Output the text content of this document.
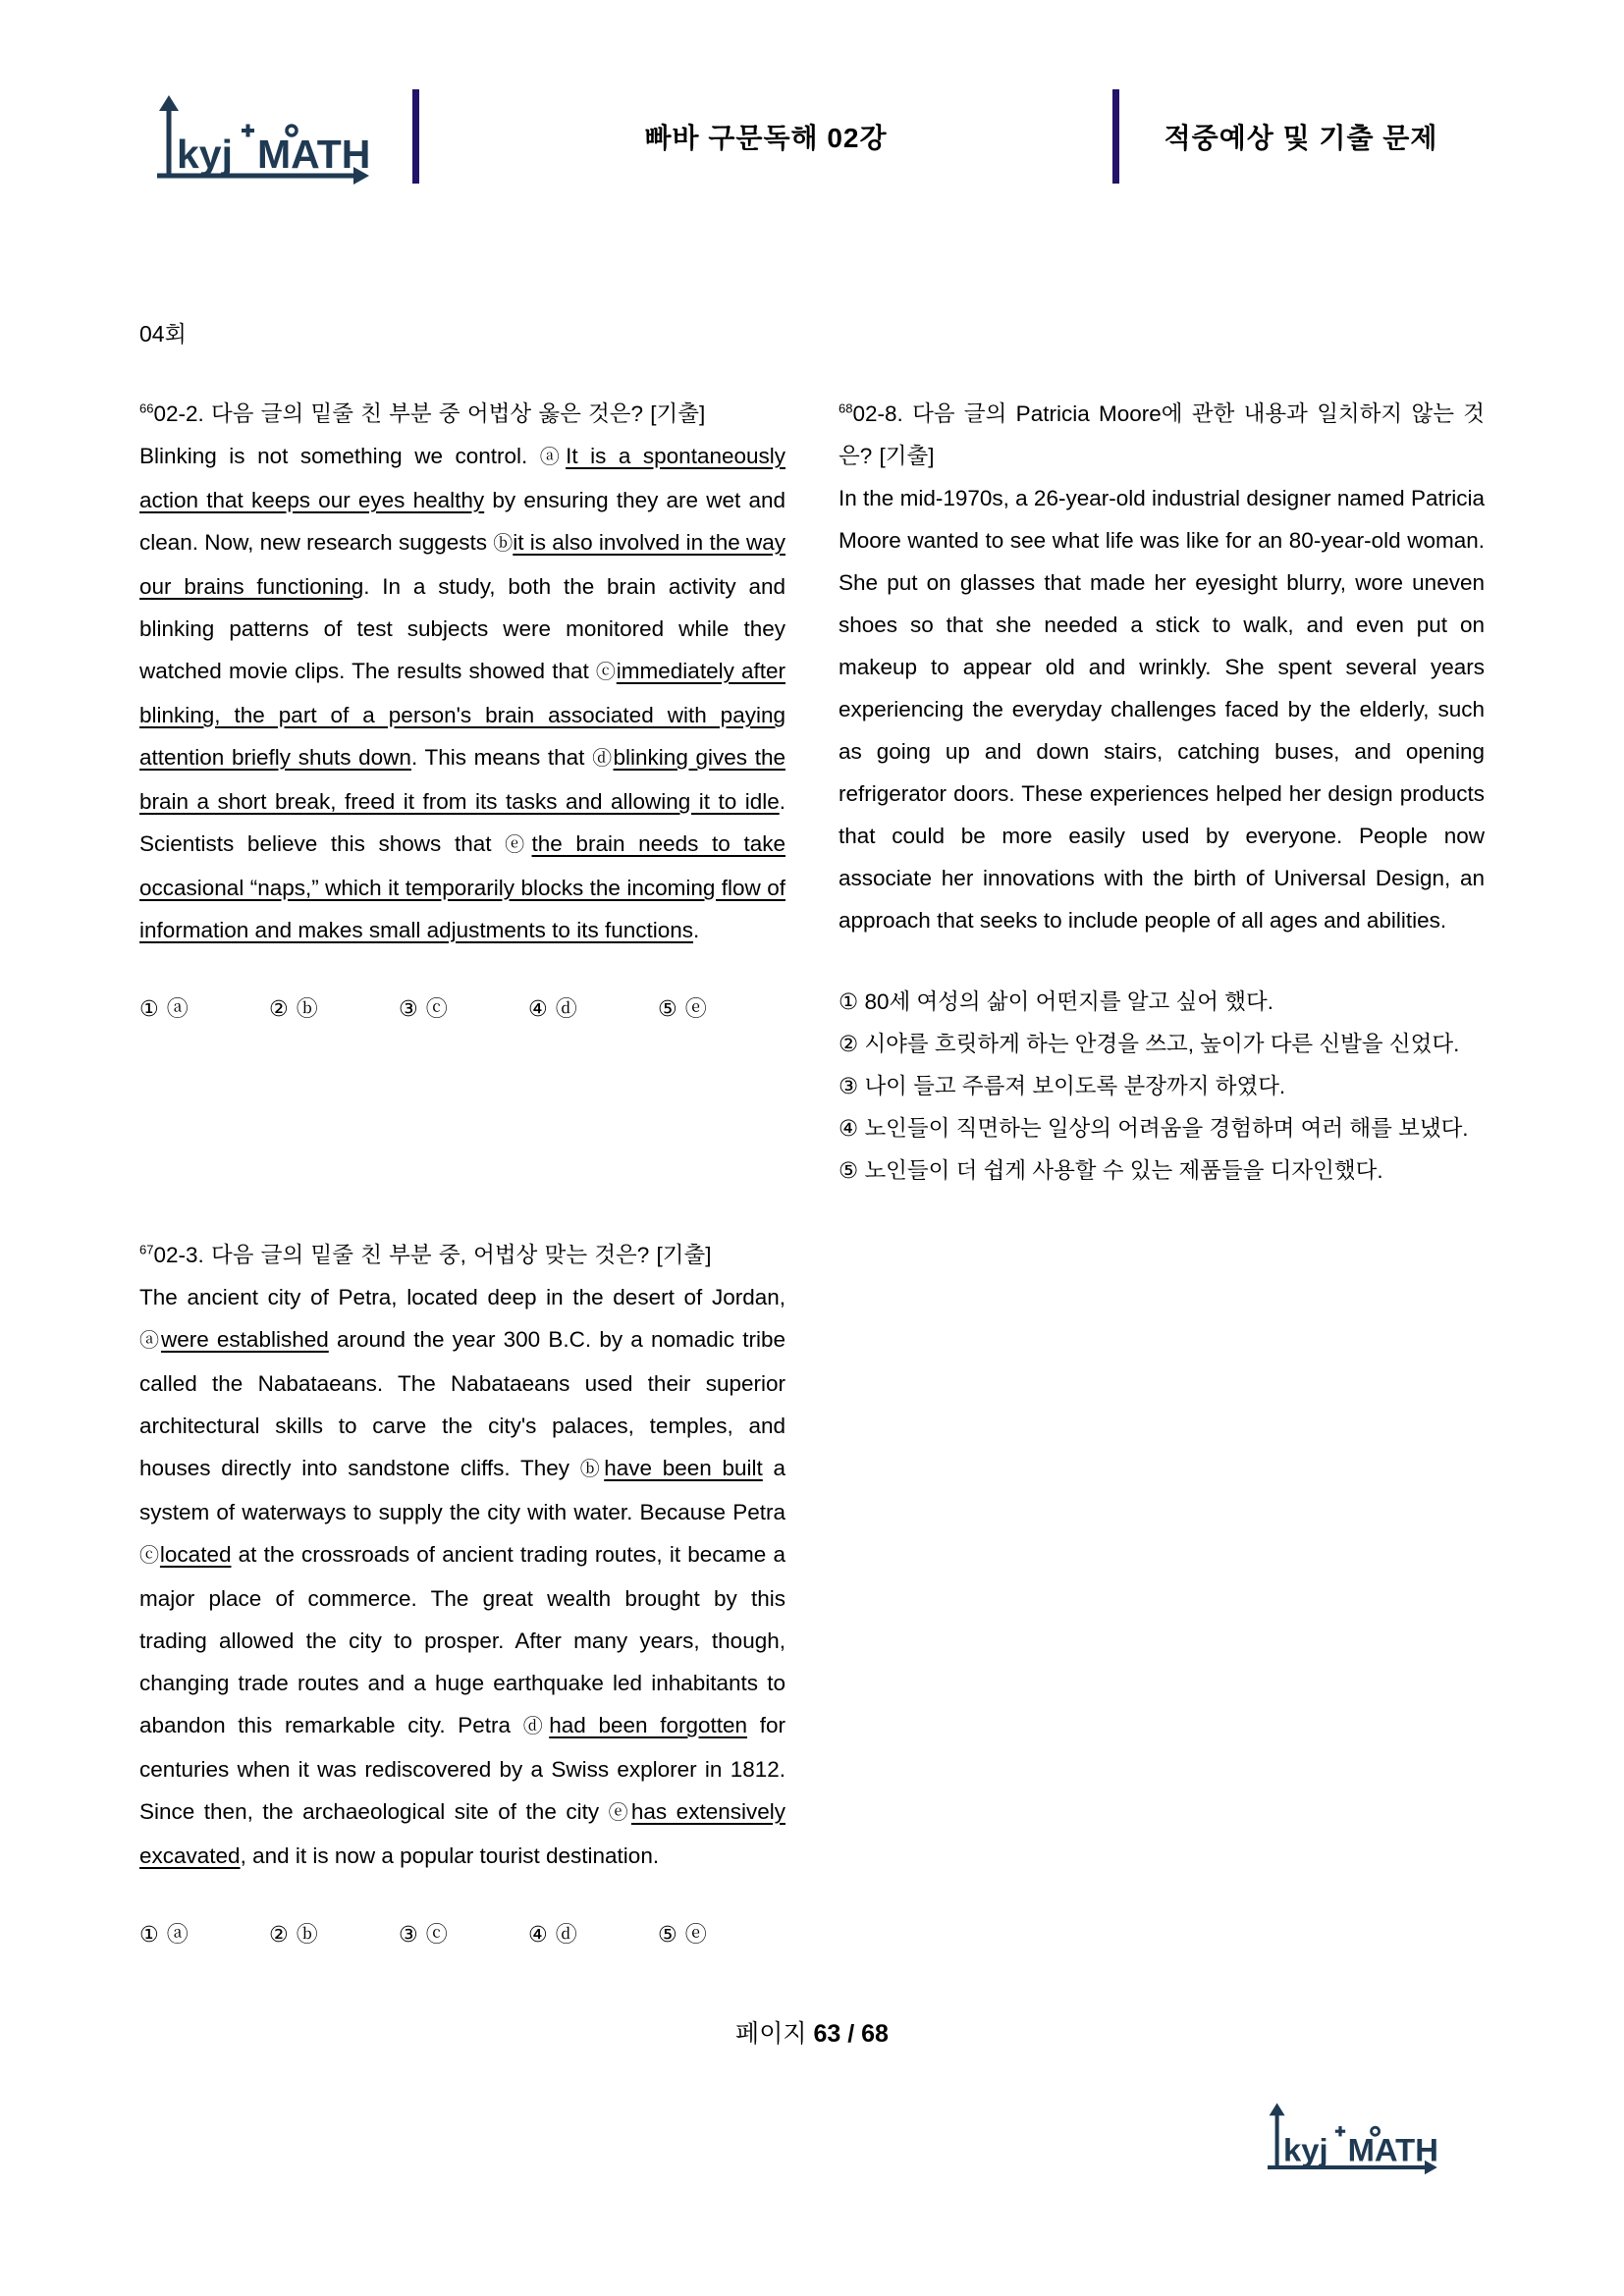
kyj MATH	빠바 구문독해 02강	적중예상 및 기출 문제
04회

$^{66}$02-2. 다음 글의 밑줄 친 부분 중 어법상 옳은 것은? [기출]

Blinking is not something we control. ⓐIt is a spontaneously action that keeps our eyes healthy by ensuring they are wet and clean. Now, new research suggests ⓑit is also involved in the way our brains functioning. In a study, both the brain activity and blinking patterns of test subjects were monitored while they watched movie clips. The results showed that ⓒimmediately after blinking, the part of a person's brain associated with paying attention briefly shuts down. This means that ⓓblinking gives the brain a short break, freed it from its tasks and allowing it to idle. Scientists believe this shows that ⓔthe brain needs to take occasional “naps,” which it temporarily blocks the incoming flow of information and makes small adjustments to its functions.

① ⓐ	② ⓑ	③ ⓒ	④ ⓓ	⑤ ⓔ

$^{67}$02-3. 다음 글의 밑줄 친 부분 중, 어법상 맞는 것은? [기출]

The ancient city of Petra, located deep in the desert of Jordan, ⓐwere established around the year 300 B.C. by a nomadic tribe called the Nabataeans. The Nabataeans used their superior architectural skills to carve the city's palaces, temples, and houses directly into sandstone cliffs. They ⓑhave been built a system of waterways to supply the city with water. Because Petra ⓒlocated at the crossroads of ancient trading routes, it became a major place of commerce. The great wealth brought by this trading allowed the city to prosper. After many years, though, changing trade routes and a huge earthquake led inhabitants to abandon this remarkable city. Petra ⓓhad been forgotten for centuries when it was rediscovered by a Swiss explorer in 1812. Since then, the archaeological site of the city ⓔhas extensively excavated, and it is now a popular tourist destination.

① ⓐ	② ⓑ	③ ⓒ	④ ⓓ	⑤ ⓔ

$^{68}$02-8. 다음 글의 Patricia Moore에 관한 내용과 일치하지 않는 것은? [기출]

In the mid-1970s, a 26-year-old industrial designer named Patricia Moore wanted to see what life was like for an 80-year-old woman. She put on glasses that made her eyesight blurry, wore uneven shoes so that she needed a stick to walk, and even put on makeup to appear old and wrinkly. She spent several years experiencing the everyday challenges faced by the elderly, such as going up and down stairs, catching buses, and opening refrigerator doors. These experiences helped her design products that could be more easily used by everyone. People now associate her innovations with the birth of Universal Design, an approach that seeks to include people of all ages and abilities.

① 80세 여성의 삶이 어떤지를 알고 싶어 했다.

② 시야를 흐릿하게 하는 안경을 쓰고, 높이가 다른 신발을 신었다.

③ 나이 들고 주름져 보이도록 분장까지 하였다.

④ 노인들이 직면하는 일상의 어려움을 경험하며 여러 해를 보냈다.

⑤ 노인들이 더 쉽게 사용할 수 있는 제품들을 디자인했다.

페이지 63 / 68
kyj MATH
